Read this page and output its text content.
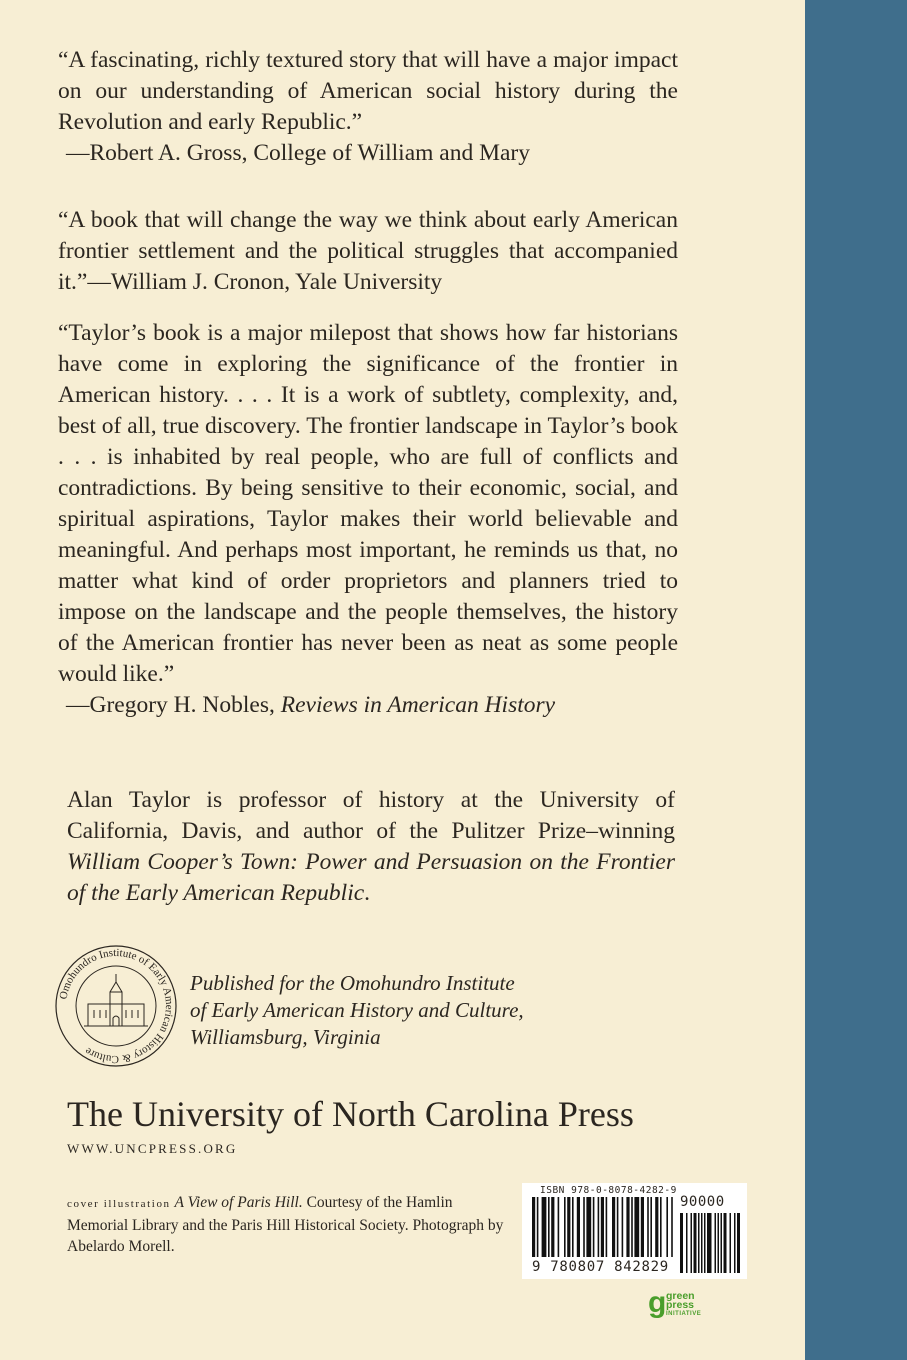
“A fascinating, richly textured story that will have a major impact on our understanding of American social history during the Revolution and early Republic.”

—Robert A. Gross, College of William and Mary

“A book that will change the way we think about early American frontier settlement and the political struggles that accompanied it.”—William J. Cronon, Yale University

“Taylor’s book is a major milepost that shows how far historians have come in exploring the significance of the frontier in American history. . . . It is a work of subtlety, complexity, and, best of all, true discovery. The frontier landscape in Taylor’s book . . . is inhabited by real people, who are full of conflicts and contradictions. By being sensitive to their economic, social, and spiritual aspirations, Taylor makes their world believable and meaningful. And perhaps most important, he reminds us that, no matter what kind of order proprietors and planners tried to impose on the landscape and the people themselves, the history of the American frontier has never been as neat as some people would like.”

—Gregory H. Nobles, Reviews in American History

Alan Taylor is professor of history at the University of California, Davis, and author of the Pulitzer Prize–winning William Cooper’s Town: Power and Persuasion on the Frontier of the Early American Republic.
Omohundro Institute of Early American History & Culture
Published for the Omohundro Institute
of Early American History and Culture,
Williamsburg, Virginia
The University of North Carolina Press
WWW.UNCPRESS.ORG
cover illustration A View of Paris Hill. Courtesy of the Hamlin Memorial Library and the Paris Hill Historical Society. Photograph by Abelardo Morell.
ISBN 978-0-8078-4282-9
9 780807 842829
90000
g green
press
INITIATIVE
